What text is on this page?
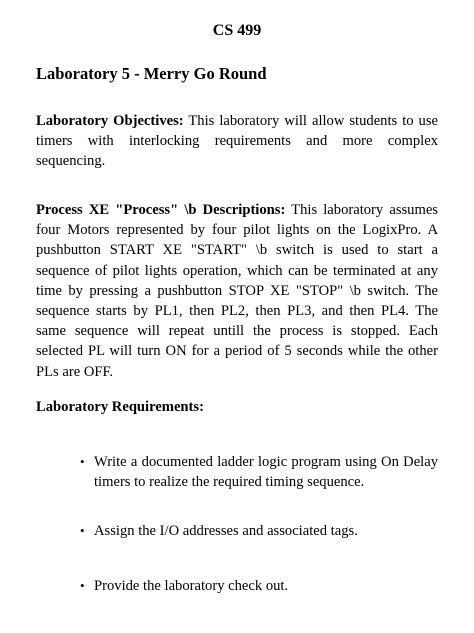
CS 499
Laboratory 5 - Merry Go Round

Laboratory Objectives: This laboratory will allow students to use timers with interlocking requirements and more complex sequencing.

Process XE "Process" \b Descriptions: This laboratory assumes four Motors represented by four pilot lights on the LogixPro. A pushbutton START XE "START" \b switch is used to start a sequence of pilot lights operation, which can be terminated at any time by pressing a pushbutton STOP XE "STOP" \b switch. The sequence starts by PL1, then PL2, then PL3, and then PL4. The same sequence will repeat untill the process is stopped. Each selected PL will turn ON for a period of 5 seconds while the other PLs are OFF.

Laboratory Requirements:
• Write a documented ladder logic program using On Delay timers to realize the required timing sequence.
• Assign the I/O addresses and associated tags.
• Provide the laboratory check out.
